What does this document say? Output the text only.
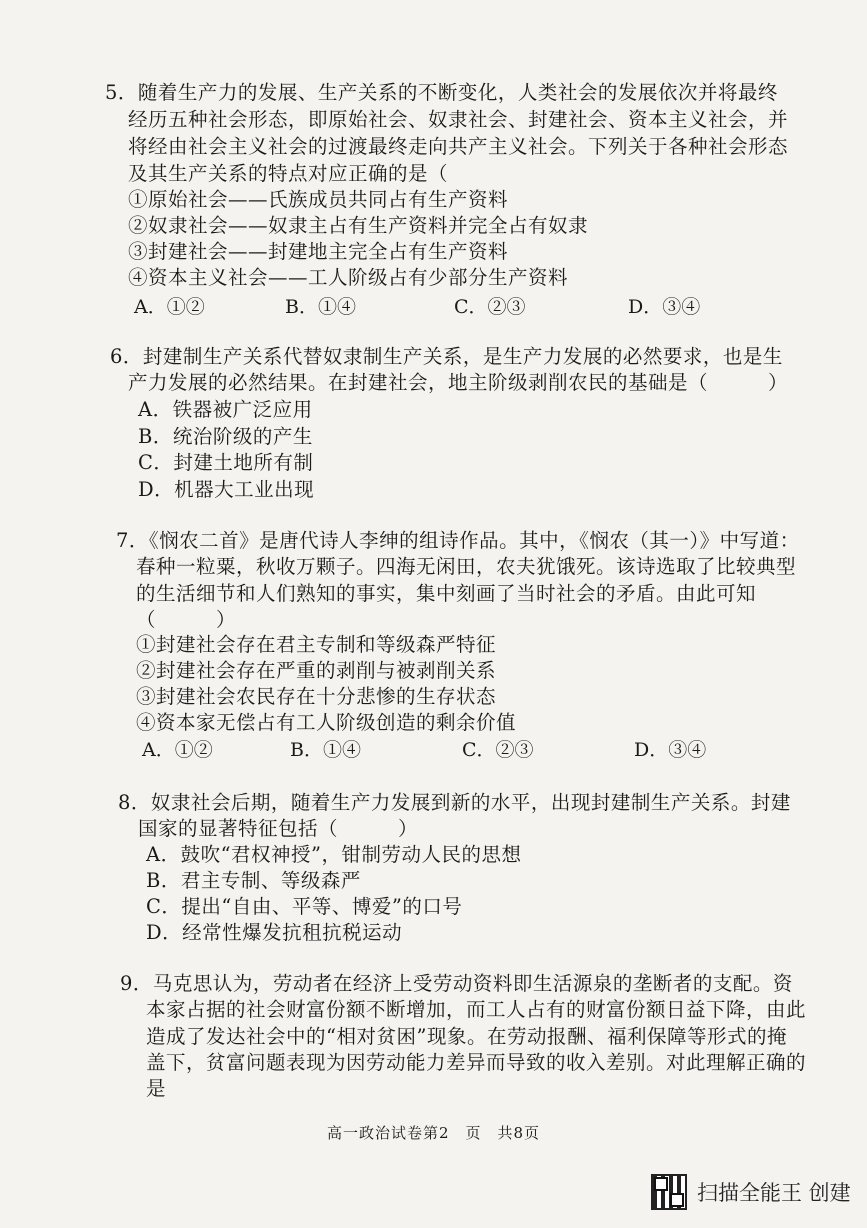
5．随着生产力的发展、生产关系的不断变化，人类社会的发展依次并将最终
经历五种社会形态，即原始社会、奴隶社会、封建社会、资本主义社会，并
将经由社会主义社会的过渡最终走向共产主义社会。下列关于各种社会形态
及其生产关系的特点对应正确的是（
①原始社会——氏族成员共同占有生产资料
②奴隶社会——奴隶主占有生产资料并完全占有奴隶
③封建社会——封建地主完全占有生产资料
④资本主义社会——工人阶级占有少部分生产资料
A．①②	B．①④	C．②③	D．③④
6．封建制生产关系代替奴隶制生产关系，是生产力发展的必然要求，也是生
产力发展的必然结果。在封建社会，地主阶级剥削农民的基础是（　　　）
A．铁器被广泛应用
B．统治阶级的产生
C．封建土地所有制
D．机器大工业出现
7．《悯农二首》是唐代诗人李绅的组诗作品。其中，《悯农（其一）》中写道：
春种一粒粟，秋收万颗子。四海无闲田，农夫犹饿死。该诗选取了比较典型
的生活细节和人们熟知的事实，集中刻画了当时社会的矛盾。由此可知
（　　　）
①封建社会存在君主专制和等级森严特征
②封建社会存在严重的剥削与被剥削关系
③封建社会农民存在十分悲惨的生存状态
④资本家无偿占有工人阶级创造的剩余价值
A．①②	B．①④	C．②③	D．③④
8．奴隶社会后期，随着生产力发展到新的水平，出现封建制生产关系。封建
国家的显著特征包括（　　　）
A．鼓吹“君权神授”，钳制劳动人民的思想
B．君主专制、等级森严
C．提出“自由、平等、博爱”的口号
D．经常性爆发抗租抗税运动
9．马克思认为，劳动者在经济上受劳动资料即生活源泉的垄断者的支配。资
本家占据的社会财富份额不断增加，而工人占有的财富份额日益下降，由此
造成了发达社会中的“相对贫困”现象。在劳动报酬、福利保障等形式的掩
盖下，贫富问题表现为因劳动能力差异而导致的收入差别。对此理解正确的
是
高一政治试卷第2　页　共8页
扫描全能王 创建
